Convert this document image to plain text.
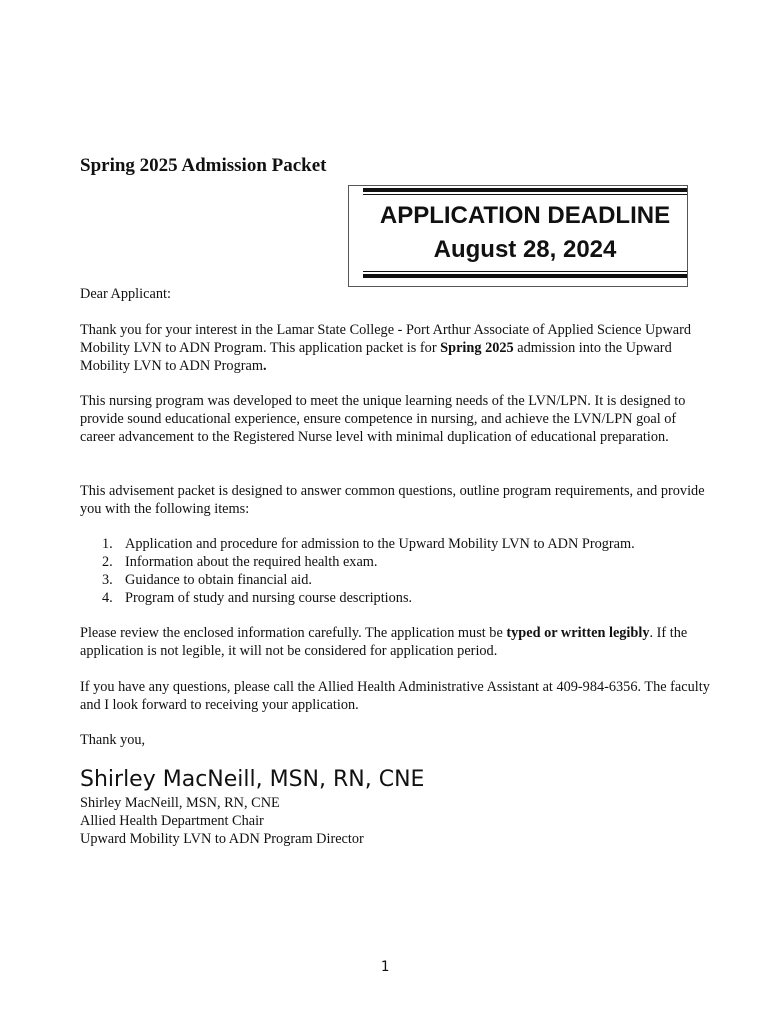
Spring 2025 Admission Packet
APPLICATION DEADLINE
August 28, 2024

Dear Applicant:

Thank you for your interest in the Lamar State College - Port Arthur Associate of Applied Science Upward Mobility LVN to ADN Program. This application packet is for Spring 2025 admission into the Upward Mobility LVN to ADN Program.

This nursing program was developed to meet the unique learning needs of the LVN/LPN. It is designed to provide sound educational experience, ensure competence in nursing, and achieve the LVN/LPN goal of career advancement to the Registered Nurse level with minimal duplication of educational preparation.

This advisement packet is designed to answer common questions, outline program requirements, and provide you with the following items:

1. Application and procedure for admission to the Upward Mobility LVN to ADN Program.
2. Information about the required health exam.
3. Guidance to obtain financial aid.
4. Program of study and nursing course descriptions.

Please review the enclosed information carefully. The application must be typed or written legibly. If the application is not legible, it will not be considered for application period.

If you have any questions, please call the Allied Health Administrative Assistant at 409-984-6356. The faculty and I look forward to receiving your application.

Thank you,

Shirley MacNeill, MSN, RN, CNE
Shirley MacNeill, MSN, RN, CNE
Allied Health Department Chair
Upward Mobility LVN to ADN Program Director
1
